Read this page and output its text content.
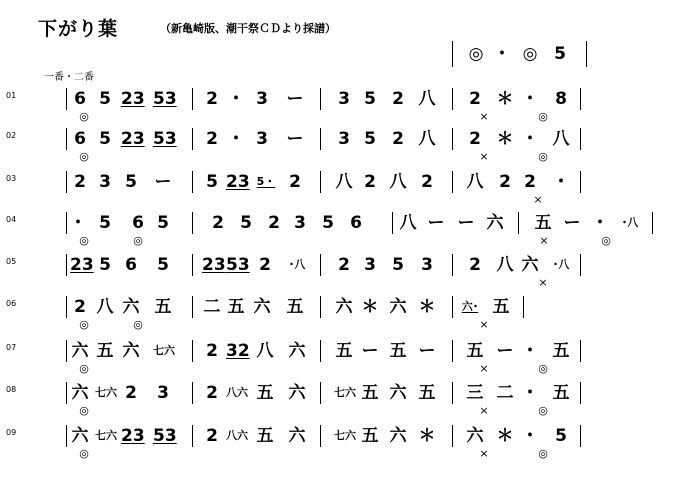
下がり葉	（新亀崎版、潮干祭ＣＤより採譜）
一番・二番
◎ ・ ◎ 5
01	6 5 23 53 2 ・ 3 ー 3 5 2 八 2 ＊ ・ 8
◎	×	◎
02	6 5 23 53 2 ・ 3 ー 3 5 2 八 2 ＊ ・ 八
◎	×	◎
03	2 3 5 ー 5 23 5・ 2 八 2 八 2 八 2 2 ・
×
04	・ 5 6 5	2 5 2 3 5 6 八 ー ー 六 五 ー ・ ･八
◎	◎	×	◎
05	23 5 6 5 23 53 2	･八 2 3 5 3 2 八 六 ･八
×
06	2 八 六 五 二 五 六 五 六 ＊ 六 ＊ 六･ 五
◎	◎	×
07	六 五 六 七六 2 32 八 六 五 ー 五 ー 五 ー ・ 五
◎	×	◎
08	六 七六 2 3 2 八六 五 六	七六 五 六 五 三 二 ・ 五
◎	×	◎
09	六 七六 23 53 2 八六 五 六	七六 五 六 ＊ 六 ＊ ・ 5
◎	×	◎
